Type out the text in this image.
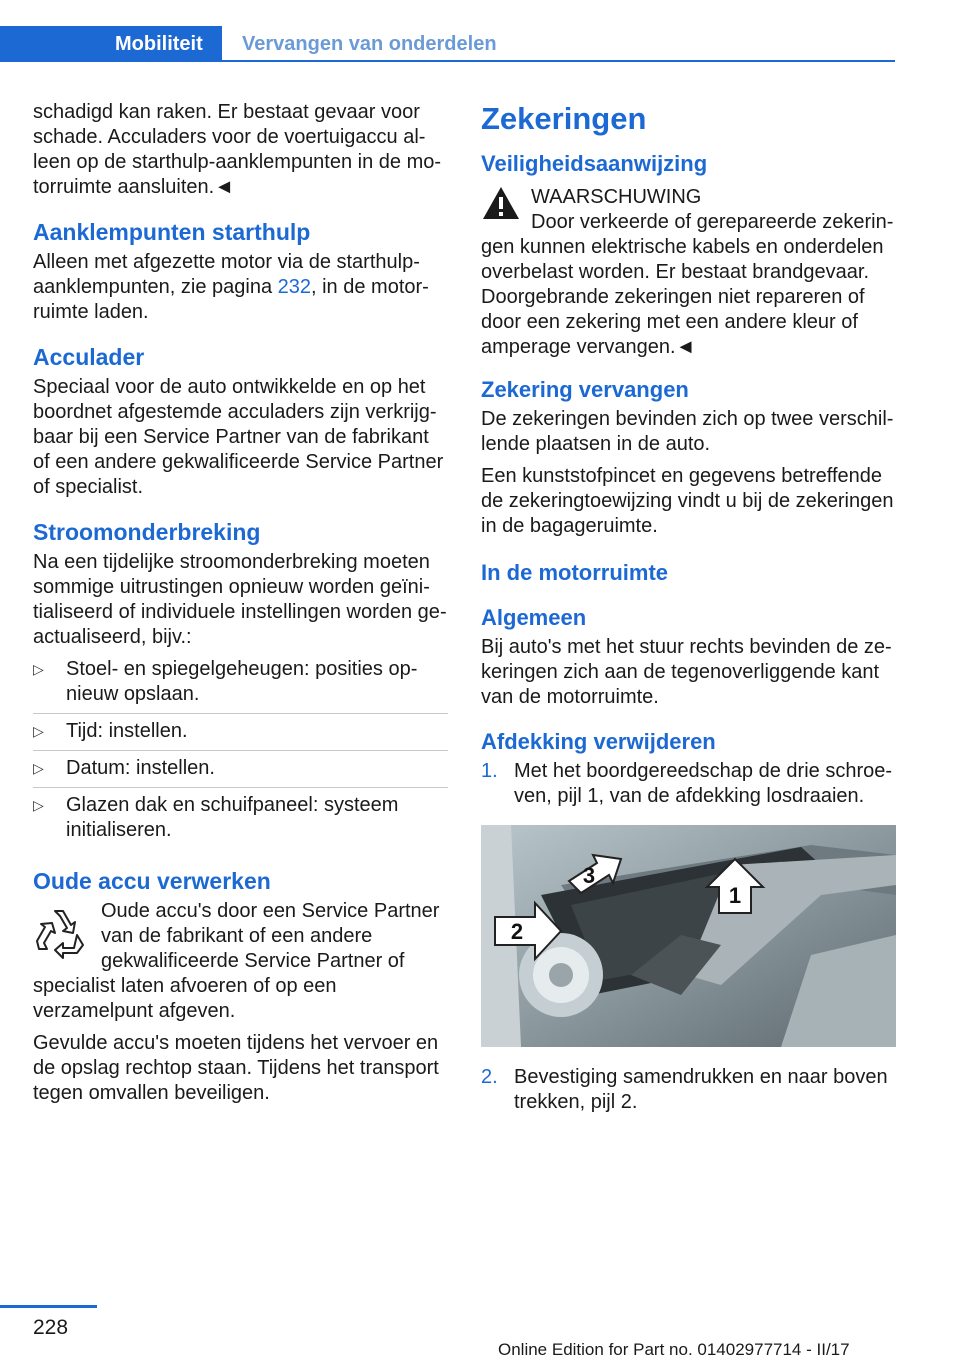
Mobiliteit	Vervangen van onderdelen

schadigd kan raken. Er bestaat gevaar voor schade. Acculaders voor de voertuigaccu alleen op de starthulp-aanklempunten in de motorruimte aansluiten.◄

Aanklempunten starthulp

Alleen met afgezette motor via de starthulp-aanklempunten, zie pagina 232, in de motorruimte laden.

Acculader

Speciaal voor de auto ontwikkelde en op het boordnet afgestemde acculaders zijn verkrijgbaar bij een Service Partner van de fabrikant of een andere gekwalificeerde Service Partner of specialist.

Stroomonderbreking

Na een tijdelijke stroomonderbreking moeten sommige uitrustingen opnieuw worden geïnitialiseerd of individuele instellingen worden geactualiseerd, bijv.:

▷ Stoel- en spiegelgeheugen: posities opnieuw opslaan.
▷ Tijd: instellen.
▷ Datum: instellen.
▷ Glazen dak en schuifpaneel: systeem initialiseren.
Oude accu verwerken

Oude accu's door een Service Partner van de fabrikant of een andere gekwalificeerde Service Partner of specialist laten afvoeren of op een verzamelpunt afgeven.

Gevulde accu's moeten tijdens het vervoer en de opslag rechtop staan. Tijdens het transport tegen omvallen beveiligen.

Zekeringen
Veiligheidsaanwijzing

WAARSCHUWING

Door verkeerde of gerepareerde zekeringen kunnen elektrische kabels en onderdelen overbelast worden. Er bestaat brandgevaar. Doorgebrande zekeringen niet repareren of door een zekering met een andere kleur of amperage vervangen.◄

Zekering vervangen

De zekeringen bevinden zich op twee verschillende plaatsen in de auto.

Een kunststofpincet en gegevens betreffende de zekeringtoewijzing vindt u bij de zekeringen in de bagageruimte.

In de motorruimte
Algemeen

Bij auto's met het stuur rechts bevinden de zekeringen zich aan de tegenoverliggende kant van de motorruimte.

Afdekking verwijderen
1. Met het boordgereedschap de drie schroeven, pijl 1, van de afdekking losdraaien.
1
2
3
2. Bevestiging samendrukken en naar boven trekken, pijl 2.
228
Online Edition for Part no. 01402977714 - II/17
